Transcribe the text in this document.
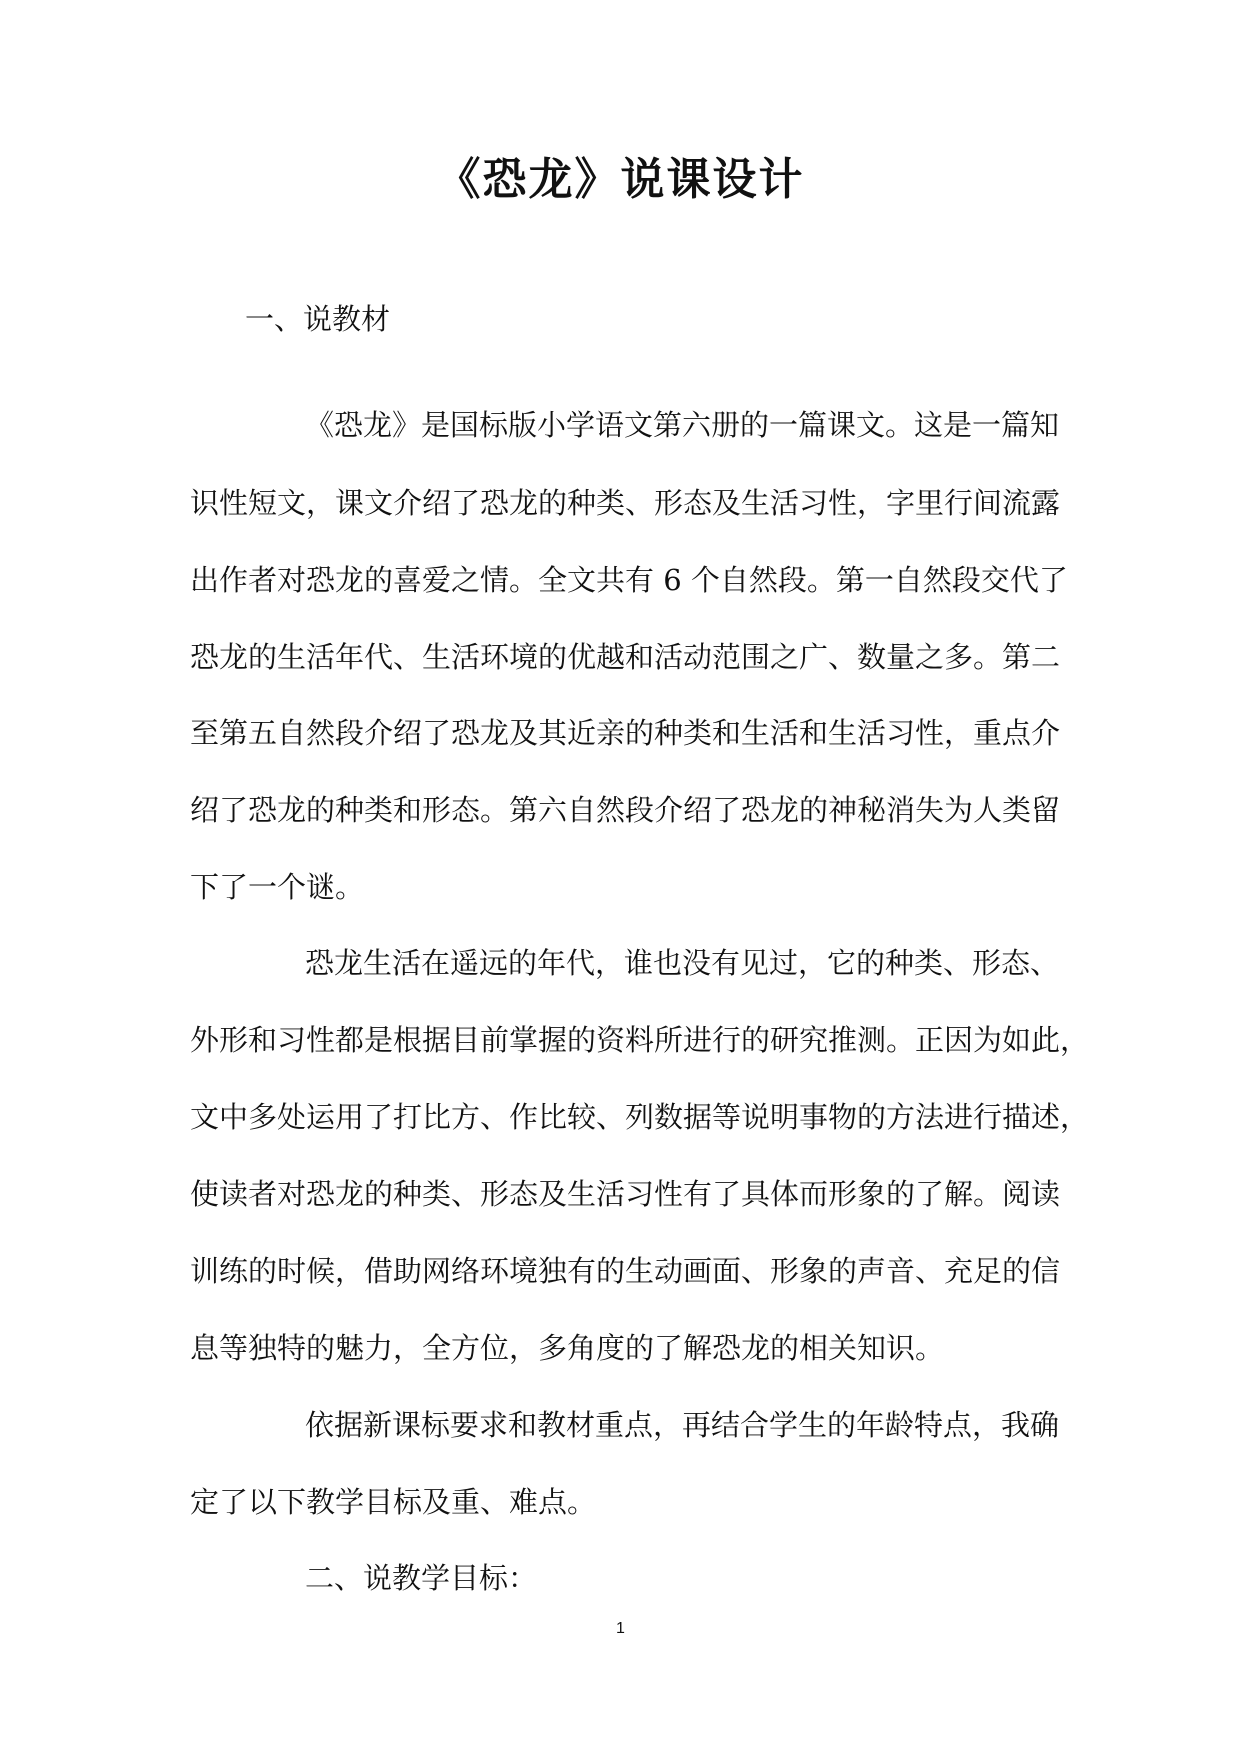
《恐龙》说课设计
一、说教材
《恐龙》是国标版小学语文第六册的一篇课文。这是一篇知
识性短文，课文介绍了恐龙的种类、形态及生活习性，字里行间流露
出作者对恐龙的喜爱之情。全文共有 6 个自然段。第一自然段交代了
恐龙的生活年代、生活环境的优越和活动范围之广、数量之多。第二
至第五自然段介绍了恐龙及其近亲的种类和生活和生活习性，重点介
绍了恐龙的种类和形态。第六自然段介绍了恐龙的神秘消失为人类留
下了一个谜。
恐龙生活在遥远的年代，谁也没有见过，它的种类、形态、
外形和习性都是根据目前掌握的资料所进行的研究推测。正因为如此，
文中多处运用了打比方、作比较、列数据等说明事物的方法进行描述，
使读者对恐龙的种类、形态及生活习性有了具体而形象的了解。阅读
训练的时候，借助网络环境独有的生动画面、形象的声音、充足的信
息等独特的魅力，全方位，多角度的了解恐龙的相关知识。
依据新课标要求和教材重点，再结合学生的年龄特点，我确
定了以下教学目标及重、难点。
二、说教学目标：
1
